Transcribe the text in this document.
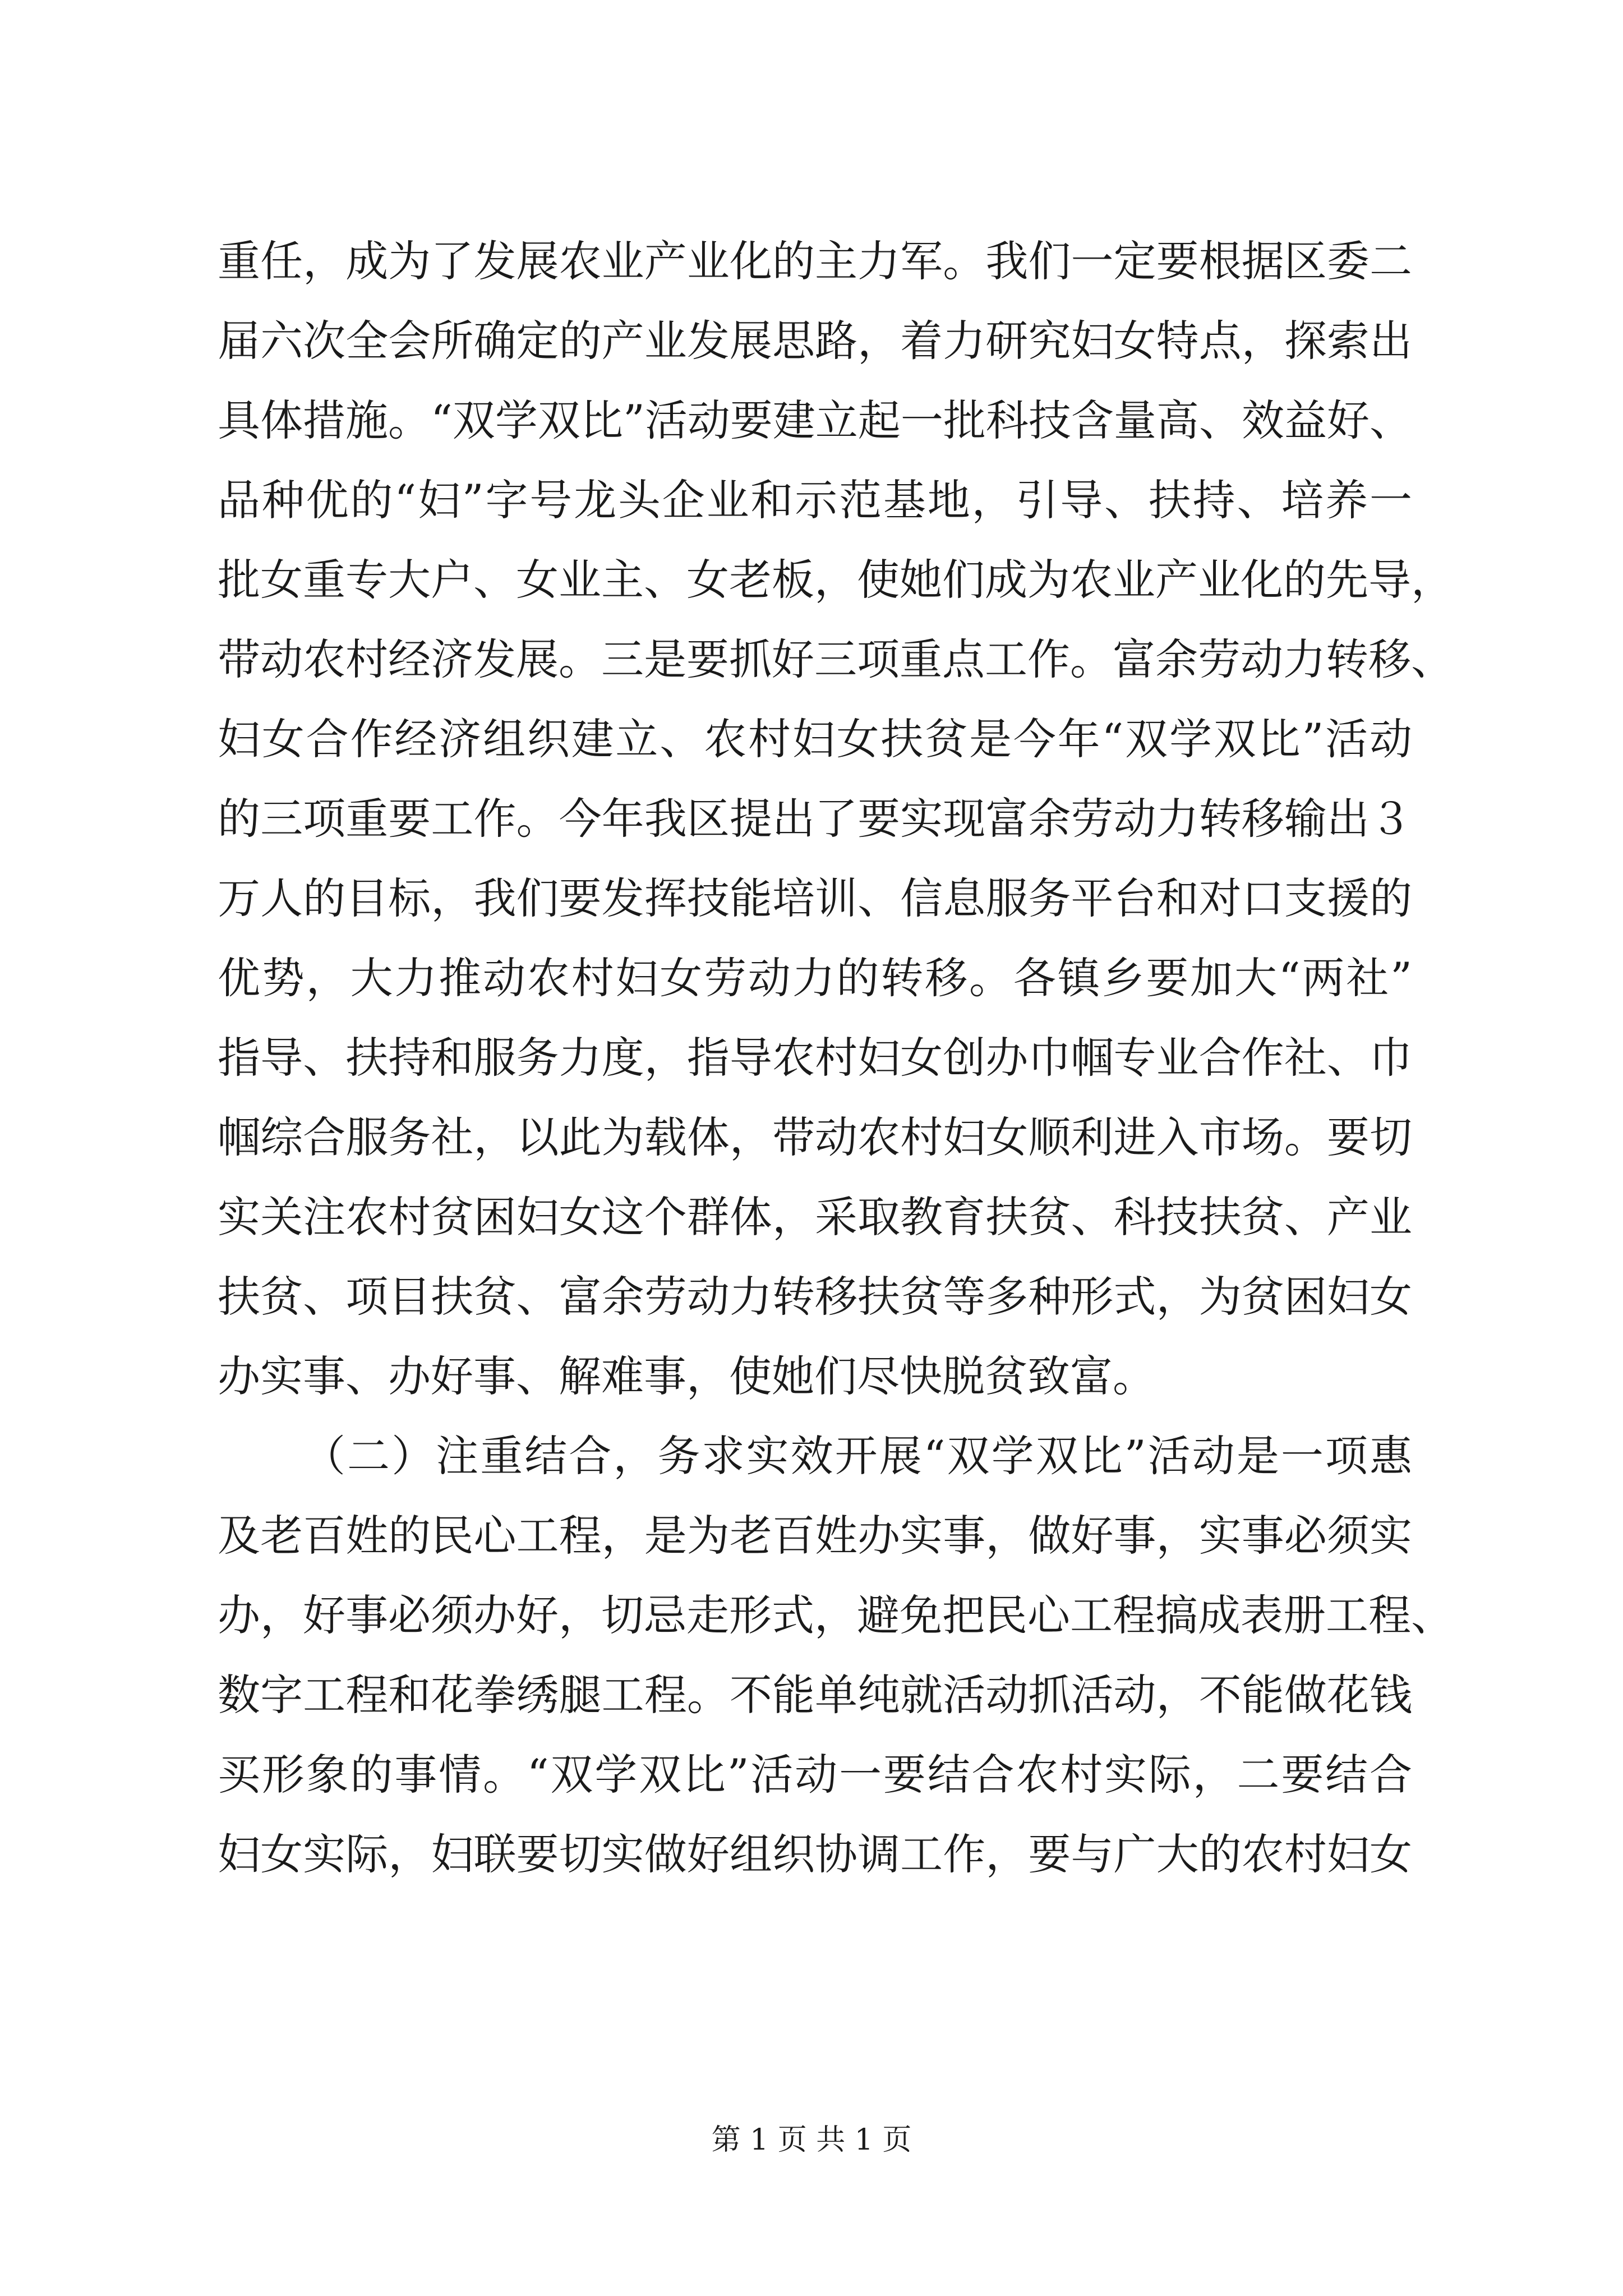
重任，成为了发展农业产业化的主力军。我们一定要根据区委二
届六次全会所确定的产业发展思路，着力研究妇女特点，探索出
具体措施。“双学双比”活动要建立起一批科技含量高、效益好、
品种优的“妇”字号龙头企业和示范基地，引导、扶持、培养一
批女重专大户、女业主、女老板，使她们成为农业产业化的先导，
带动农村经济发展。三是要抓好三项重点工作。富余劳动力转移、
妇女合作经济组织建立、农村妇女扶贫是今年“双学双比”活动
的三项重要工作。今年我区提出了要实现富余劳动力转移输出３
万人的目标，我们要发挥技能培训、信息服务平台和对口支援的
优势，大力推动农村妇女劳动力的转移。各镇乡要加大“两社”
指导、扶持和服务力度，指导农村妇女创办巾帼专业合作社、巾
帼综合服务社，以此为载体，带动农村妇女顺利进入市场。要切
实关注农村贫困妇女这个群体，采取教育扶贫、科技扶贫、产业
扶贫、项目扶贫、富余劳动力转移扶贫等多种形式，为贫困妇女
办实事、办好事、解难事，使她们尽快脱贫致富。
（二）注重结合，务求实效开展“双学双比”活动是一项惠
及老百姓的民心工程，是为老百姓办实事，做好事，实事必须实
办，好事必须办好，切忌走形式，避免把民心工程搞成表册工程、
数字工程和花拳绣腿工程。不能单纯就活动抓活动，不能做花钱
买形象的事情。“双学双比”活动一要结合农村实际，二要结合
妇女实际，妇联要切实做好组织协调工作，要与广大的农村妇女
第 1 页 共 1 页
